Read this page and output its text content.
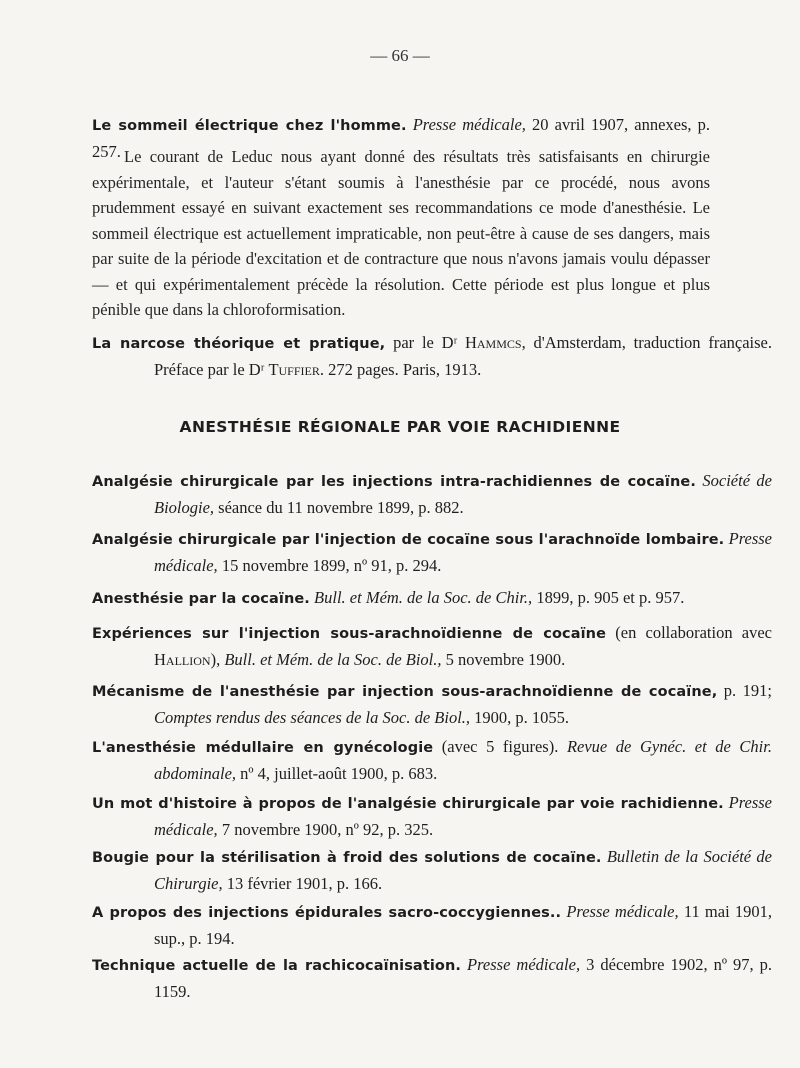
— 66 —
Le sommeil électrique chez l'homme. Presse médicale, 20 avril 1907, annexes, p. 257. Le courant de Leduc nous ayant donné des résultats très satisfaisants en chirurgie expérimentale, et l'auteur s'étant soumis à l'anesthésie par ce procédé, nous avons prudemment essayé en suivant exactement ses recommandations ce mode d'anesthésie. Le sommeil électrique est actuellement impraticable, non peut-être à cause de ses dangers, mais par suite de la période d'excitation et de contracture que nous n'avons jamais voulu dépasser — et qui expérimentalement précède la résolution. Cette période est plus longue et plus pénible que dans la chloroformisation.
La narcose théorique et pratique, par le Dʳ Hammcs, d'Amsterdam, traduction française. Préface par le Dʳ Tuffier. 272 pages. Paris, 1913.
ANESTHÉSIE RÉGIONALE PAR VOIE RACHIDIENNE
Analgésie chirurgicale par les injections intra-rachidiennes de cocaïne. Société de Biologie, séance du 11 novembre 1899, p. 882.
Analgésie chirurgicale par l'injection de cocaïne sous l'arachnoïde lombaire. Presse médicale, 15 novembre 1899, nº 91, p. 294.
Anesthésie par la cocaïne. Bull. et Mém. de la Soc. de Chir., 1899, p. 905 et p. 957.
Expériences sur l'injection sous-arachnoïdienne de cocaïne (en collaboration avec Hallion), Bull. et Mém. de la Soc. de Biol., 5 novembre 1900.
Mécanisme de l'anesthésie par injection sous-arachnoïdienne de cocaïne, p. 191; Comptes rendus des séances de la Soc. de Biol., 1900, p. 1055.
L'anesthésie médullaire en gynécologie (avec 5 figures). Revue de Gynéc. et de Chir. abdominale, nº 4, juillet-août 1900, p. 683.
Un mot d'histoire à propos de l'analgésie chirurgicale par voie rachidienne. Presse médicale, 7 novembre 1900, nº 92, p. 325.
Bougie pour la stérilisation à froid des solutions de cocaïne. Bulletin de la Société de Chirurgie, 13 février 1901, p. 166.
A propos des injections épidurales sacro-coccygiennes.. Presse médicale, 11 mai 1901, sup., p. 194.
Technique actuelle de la rachicocaïnisation. Presse médicale, 3 décembre 1902, nº 97, p. 1159.
